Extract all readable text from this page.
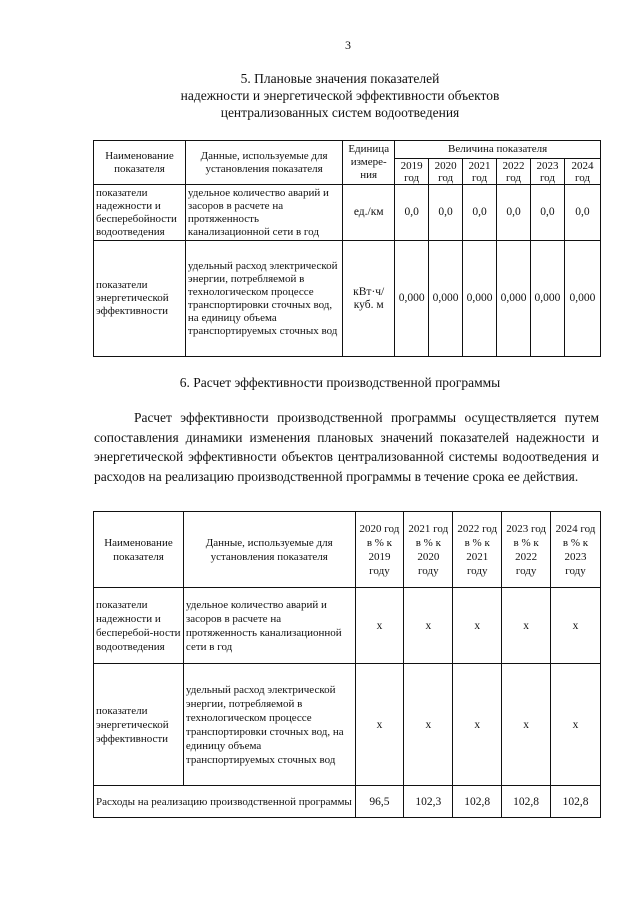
3
5. Плановые значения показателей
надежности и энергетической эффективности объектов
централизованных систем водоотведения
Наименование показателя	Данные, используемые для установления показателя	Единица измере-ния	Величина показателя					
			2019 год	2020 год	2021 год	2022 год	2023 год	2024 год
показатели надежности и бесперебойности водоотведения	удельное количество аварий и засоров в расчете на протяженность канализационной сети в год	ед./км	0,0	0,0	0,0	0,0	0,0	0,0
показатели энергетической эффективности	удельный расход электрической энергии, потребляемой в технологическом процессе транспортировки сточных вод, на единицу объема транспортируемых сточных вод	кВт·ч/ куб. м	0,000	0,000	0,000	0,000	0,000	0,000
6. Расчет эффективности производственной программы
Расчет эффективности производственной программы осуществляется путем сопоставления динамики изменения плановых значений показателей надежности и энергетической эффективности объектов централизованной системы водоотведения и расходов на реализацию производственной программы в течение срока ее действия.
Наименование показателя	Данные, используемые для установления показателя	2020 год в % к 2019 году	2021 год в % к 2020 году	2022 год в % к 2021 году	2023 год в % к 2022 году	2024 год в % к 2023 году
показатели надежности и бесперебой-ности водоотведения	удельное количество аварий и засоров в расчете на протяженность канализационной сети в год	х	х	х	х	х
показатели энергетической эффективности	удельный расход электрической энергии, потребляемой в технологическом процессе транспортировки сточных вод, на единицу объема транспортируемых сточных вод	х	х	х	х	х
Расходы на реализацию производственной программы		96,5	102,3	102,8	102,8	102,8
